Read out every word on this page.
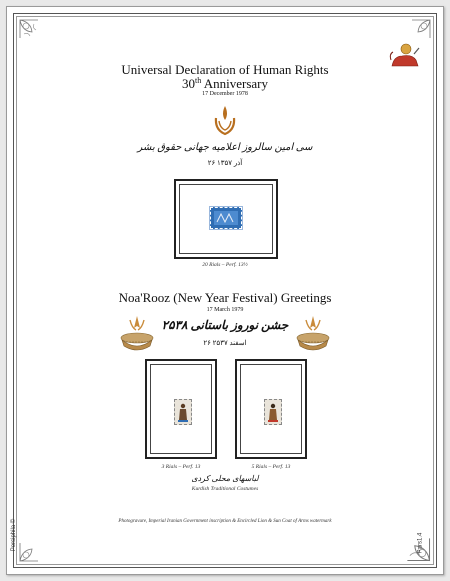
Universal Declaration of Human Rights
30th Anniversary
17 December 1978
سی امین سالروز اعلامیه جهانی حقوق بشر
۲۶ آذر ۱۳۵۷
20 Rials – Perf. 13½
Noa'Rooz (New Year Festival) Greetings
17 March 1979
جشن نوروز باستانی ۲۵۳۸
۲۶ اسفند ۲۵۳۷
3 Rials – Perf. 13	5 Rials – Perf. 13
لباسهای محلی کردی
Kurdish Traditional Costumes
Photogravure, Imperial Iranian Government inscription & Encircled Lion & Sun Coat of Arms watermark
Persiphila ©	Pars1.4
